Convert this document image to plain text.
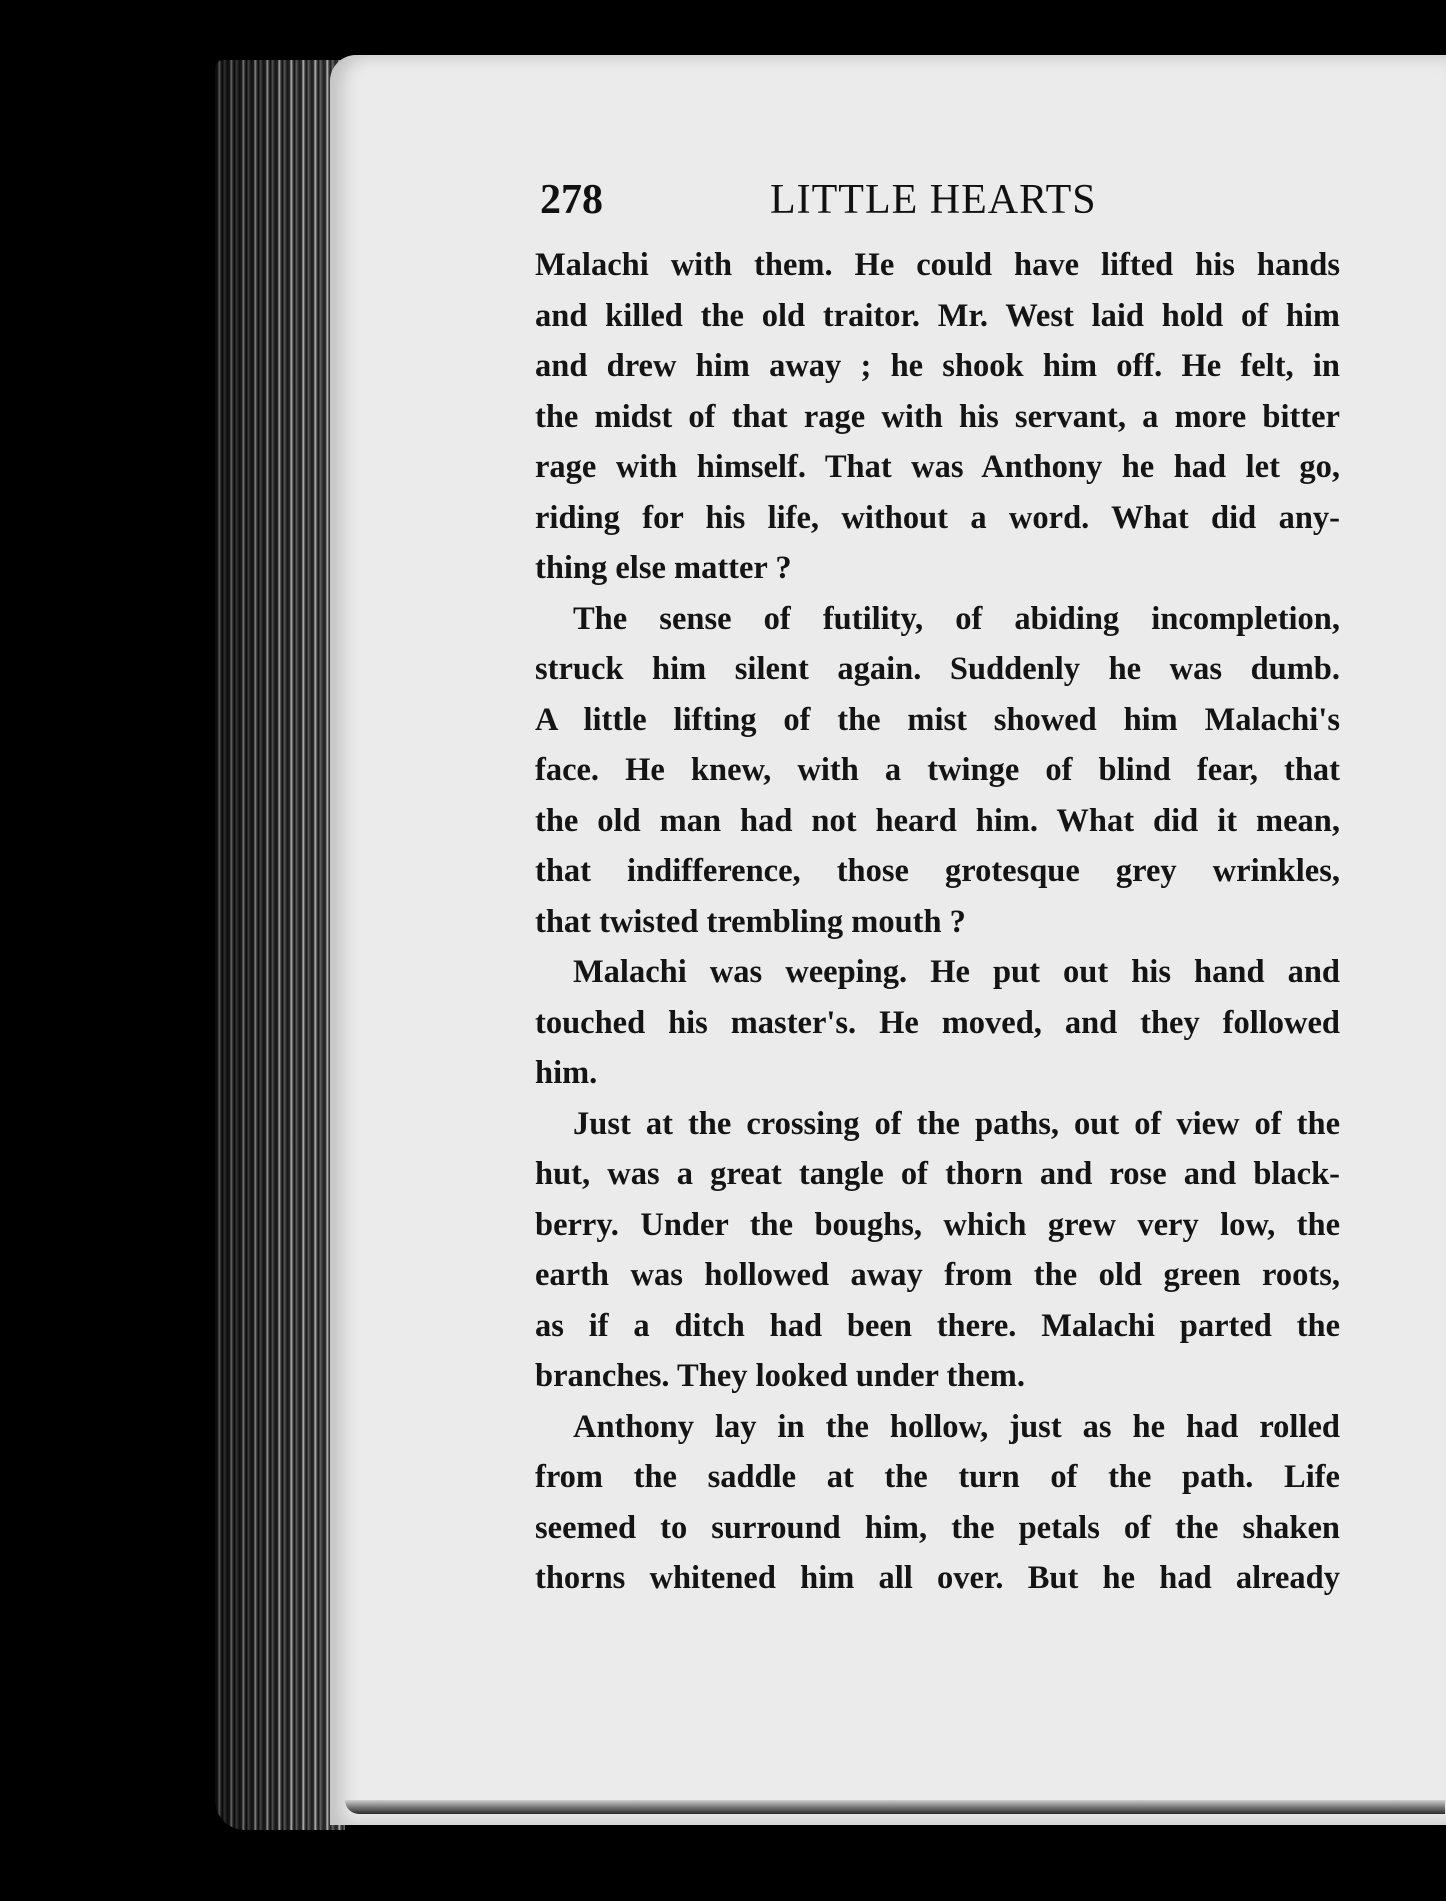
278	LITTLE HEARTS
Malachi with them. He could have lifted his hands
and killed the old traitor. Mr. West laid hold of him
and drew him away ; he shook him off. He felt, in
the midst of that rage with his servant, a more bitter
rage with himself. That was Anthony he had let go,
riding for his life, without a word. What did any-
thing else matter ?
The sense of futility, of abiding incompletion,
struck him silent again. Suddenly he was dumb.
A little lifting of the mist showed him Malachi's
face. He knew, with a twinge of blind fear, that
the old man had not heard him. What did it mean,
that indifference, those grotesque grey wrinkles,
that twisted trembling mouth ?
Malachi was weeping. He put out his hand and
touched his master's. He moved, and they followed
him.
Just at the crossing of the paths, out of view of the
hut, was a great tangle of thorn and rose and black-
berry. Under the boughs, which grew very low, the
earth was hollowed away from the old green roots,
as if a ditch had been there. Malachi parted the
branches. They looked under them.
Anthony lay in the hollow, just as he had rolled
from the saddle at the turn of the path. Life
seemed to surround him, the petals of the shaken
thorns whitened him all over. But he had already
